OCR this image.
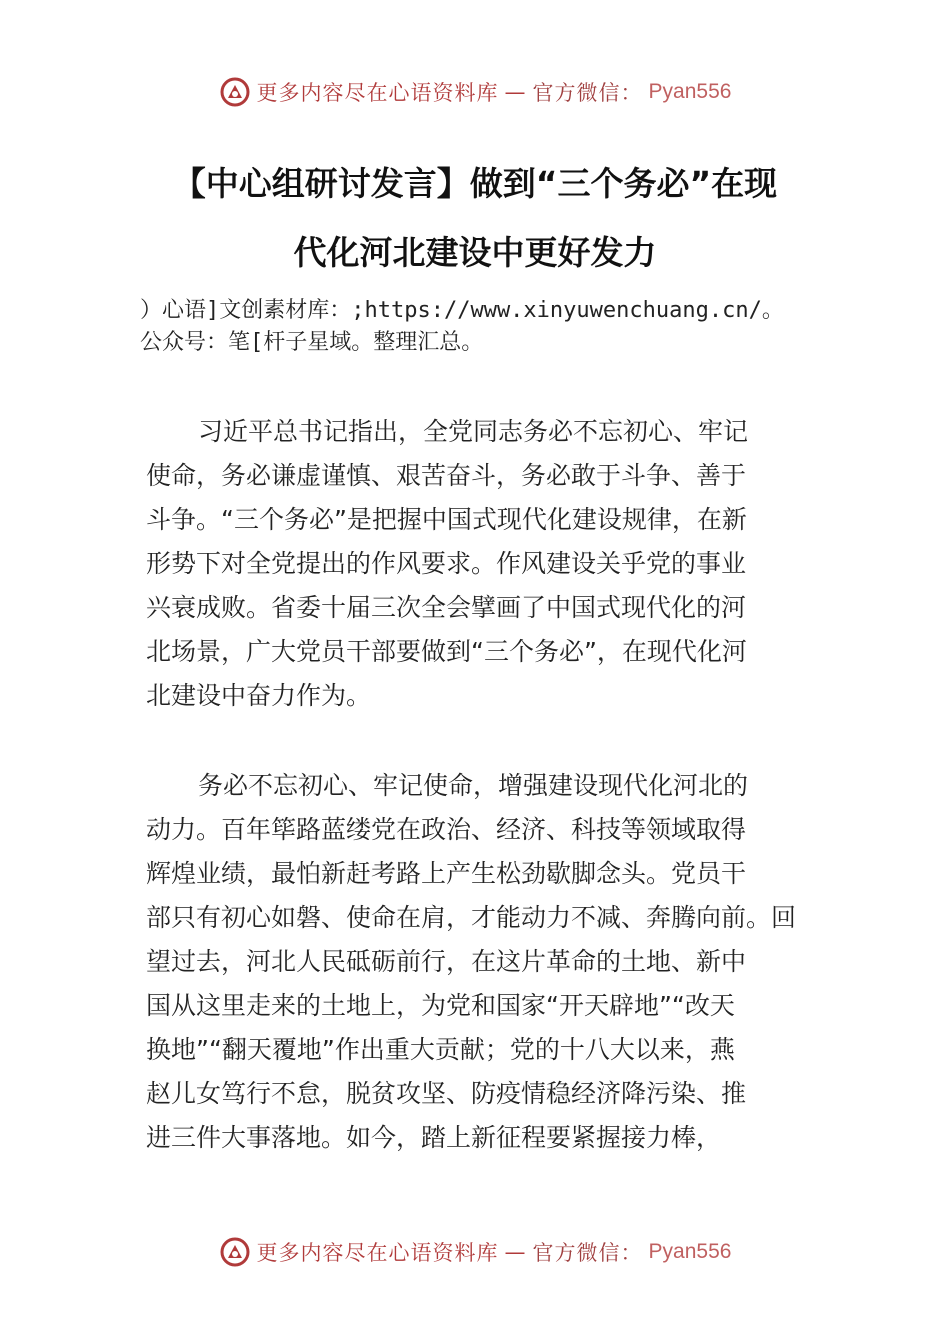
更多内容尽在心语资料库 — 官方微信： Pyan556
【中心组研讨发言】做到“三个务必”在现
代化河北建设中更好发力
）心语]文创素材库：;https://www.xinyuwenchuang.cn/。
公众号：笔[杆子星域。整理汇总。
习近平总书记指出，全党同志务必不忘初心、牢记
使命，务必谦虚谨慎、艰苦奋斗，务必敢于斗争、善于
斗争。“三个务必”是把握中国式现代化建设规律，在新
形势下对全党提出的作风要求。作风建设关乎党的事业
兴衰成败。省委十届三次全会擘画了中国式现代化的河
北场景，广大党员干部要做到“三个务必”，在现代化河
北建设中奋力作为。
务必不忘初心、牢记使命，增强建设现代化河北的
动力。百年筚路蓝缕党在政治、经济、科技等领域取得
辉煌业绩，最怕新赶考路上产生松劲歇脚念头。党员干
部只有初心如磐、使命在肩，才能动力不减、奔腾向前。回
望过去，河北人民砥砺前行，在这片革命的土地、新中
国从这里走来的土地上，为党和国家“开天辟地”“改天
换地”“翻天覆地”作出重大贡献；党的十八大以来，燕
赵儿女笃行不怠，脱贫攻坚、防疫情稳经济降污染、推
进三件大事落地。如今，踏上新征程要紧握接力棒，
更多内容尽在心语资料库 — 官方微信： Pyan556
